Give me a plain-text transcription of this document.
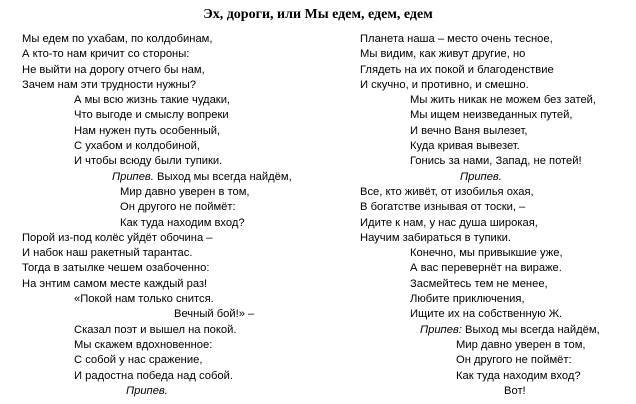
Эх, дороги, или Мы едем, едем, едем
Мы едем по ухабам, по колдобинам,
А кто-то нам кричит со стороны:
Не выйти на дорогу отчего бы нам,
Зачем нам эти трудности нужны?
А мы всю жизнь такие чудаки,
Что выгоде и смыслу вопреки
Нам нужен путь особенный,
С ухабом и колдобиной,
И чтобы всюду были тупики.
Припев. Выход мы всегда найдём,
Мир давно уверен в том,
Он другого не поймёт:
Как туда находим вход?
Порой из-под колёс уйдёт обочина –
И набок наш ракетный тарантас.
Тогда в затылке чешем озабоченно:
На энтим самом месте каждый раз!
«Покой нам только снится.
Вечный бой!» –
Сказал поэт и вышел на покой.
Мы скажем вдохновенное:
С собой у нас сражение,
И радостна победа над собой.
Припев.
Планета наша – место очень тесное,
Мы видим, как живут другие, но
Глядеть на их покой и благоденствие
И скучно, и противно, и смешно.
Мы жить никак не можем без затей,
Мы ищем неизведанных путей,
И вечно Ваня вылезет,
Куда кривая вывезет.
Гонись за нами, Запад, не потей!
Припев.
Все, кто живёт, от изобилья охая,
В богатстве изнывая от тоски, –
Идите к нам, у нас душа широкая,
Научим забираться в тупики.
Конечно, мы привыкшие уже,
А вас перевернёт на вираже.
Засмейтесь тем не менее,
Любите приключения,
Ищите их на собственную Ж.
Припев: Выход мы всегда найдём,
Мир давно уверен в том,
Он другого не поймёт:
Как туда находим вход?
Вот!
